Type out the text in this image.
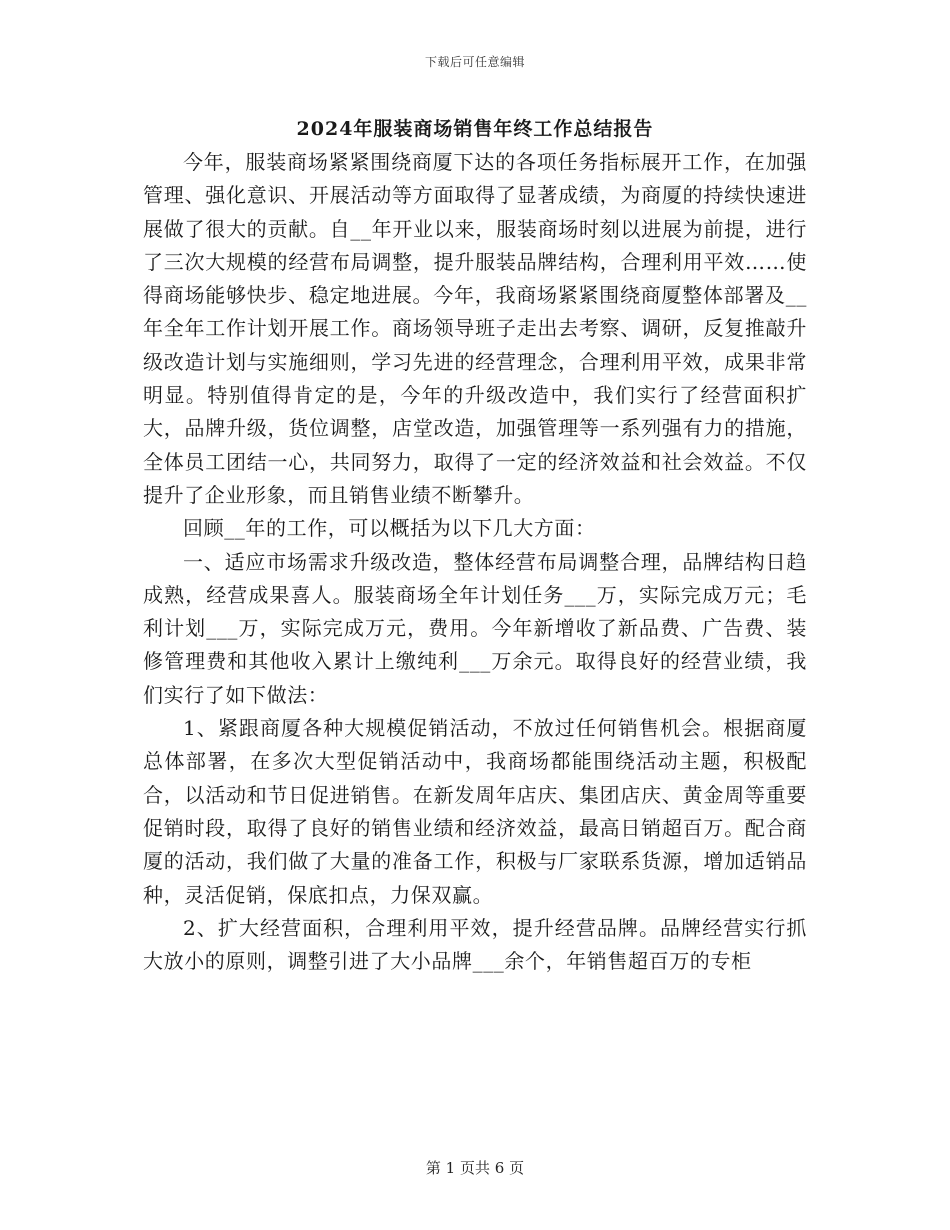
下载后可任意编辑
2024年服装商场销售年终工作总结报告

今年，服装商场紧紧围绕商厦下达的各项任务指标展开工作，在加强管理、强化意识、开展活动等方面取得了显著成绩，为商厦的持续快速进展做了很大的贡献。自__年开业以来，服装商场时刻以进展为前提，进行了三次大规模的经营布局调整，提升服装品牌结构，合理利用平效……使得商场能够快步、稳定地进展。今年，我商场紧紧围绕商厦整体部署及__年全年工作计划开展工作。商场领导班子走出去考察、调研，反复推敲升级改造计划与实施细则，学习先进的经营理念，合理利用平效，成果非常明显。特别值得肯定的是，今年的升级改造中，我们实行了经营面积扩大，品牌升级，货位调整，店堂改造，加强管理等一系列强有力的措施，全体员工团结一心，共同努力，取得了一定的经济效益和社会效益。不仅提升了企业形象，而且销售业绩不断攀升。

回顾__年的工作，可以概括为以下几大方面：

一、适应市场需求升级改造，整体经营布局调整合理，品牌结构日趋成熟，经营成果喜人。服装商场全年计划任务___万，实际完成万元；毛利计划___万，实际完成万元，费用。今年新增收了新品费、广告费、装修管理费和其他收入累计上缴纯利___万余元。取得良好的经营业绩，我们实行了如下做法：

1、紧跟商厦各种大规模促销活动，不放过任何销售机会。根据商厦总体部署，在多次大型促销活动中，我商场都能围绕活动主题，积极配合，以活动和节日促进销售。在新发周年店庆、集团店庆、黄金周等重要促销时段，取得了良好的销售业绩和经济效益，最高日销超百万。配合商厦的活动，我们做了大量的准备工作，积极与厂家联系货源，增加适销品种，灵活促销，保底扣点，力保双赢。

2、扩大经营面积，合理利用平效，提升经营品牌。品牌经营实行抓大放小的原则，调整引进了大小品牌___余个，年销售超百万的专柜

第 1 页共 6 页
